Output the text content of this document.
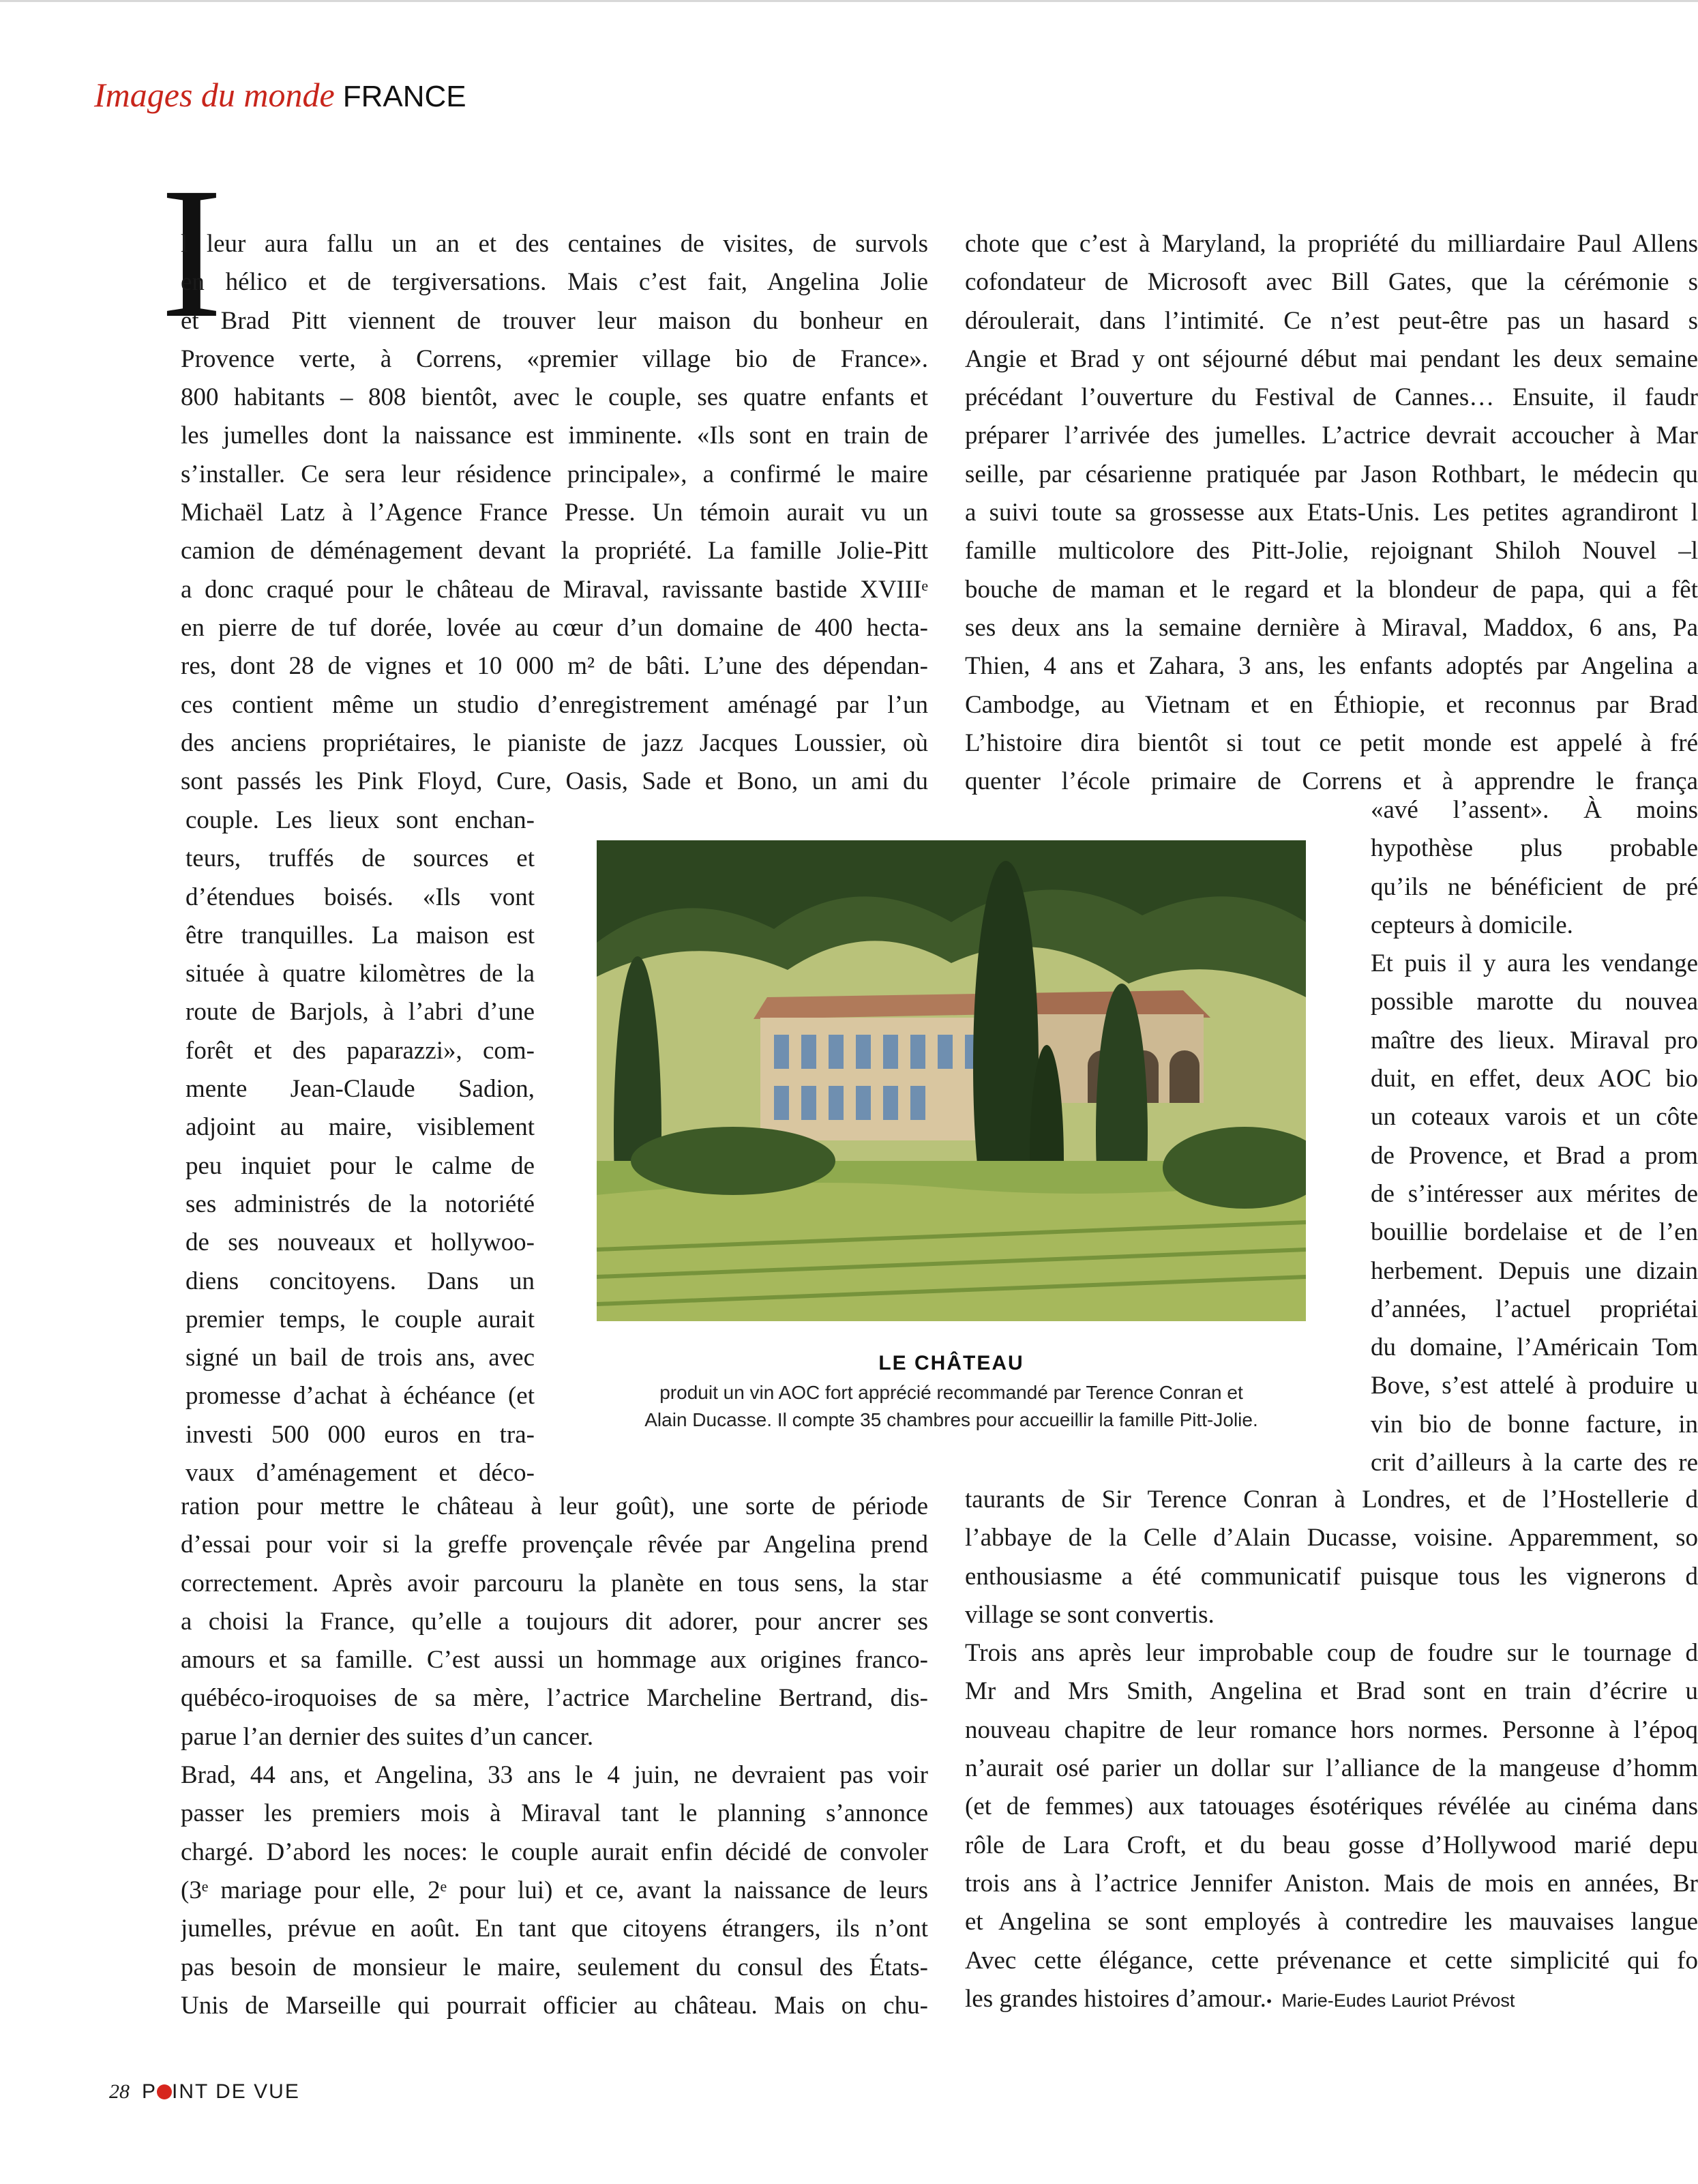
Images du monde FRANCE
I
l leur aura fallu un an et des centaines de visites, de survols
en hélico et de tergiversations. Mais c’est fait, Angelina Jolie
et Brad Pitt viennent de trouver leur maison du bonheur en
Provence verte, à Correns, «premier village bio de France».
800 habitants – 808 bientôt, avec le couple, ses quatre enfants et
les jumelles dont la naissance est imminente. «Ils sont en train de
s’installer. Ce sera leur résidence principale», a confirmé le maire
Michaël Latz à l’Agence France Presse. Un témoin aurait vu un
camion de déménagement devant la propriété. La famille Jolie-Pitt
a donc craqué pour le château de Miraval, ravissante bastide XVIIIᵉ
en pierre de tuf dorée, lovée au cœur d’un domaine de 400 hecta-
res, dont 28 de vignes et 10 000 m² de bâti. L’une des dépendan-
ces contient même un studio d’enregistrement aménagé par l’un
des anciens propriétaires, le pianiste de jazz Jacques Loussier, où
sont passés les Pink Floyd, Cure, Oasis, Sade et Bono, un ami du
couple. Les lieux sont enchan-
teurs, truffés de sources et
d’étendues boisés. «Ils vont
être tranquilles. La maison est
située à quatre kilomètres de la
route de Barjols, à l’abri d’une
forêt et des paparazzi», com-
mente Jean-Claude Sadion,
adjoint au maire, visiblement
peu inquiet pour le calme de
ses administrés de la notoriété
de ses nouveaux et hollywoo-
diens concitoyens. Dans un
premier temps, le couple aurait
signé un bail de trois ans, avec
promesse d’achat à échéance (et
investi 500 000 euros en tra-
vaux d’aménagement et déco-
ration pour mettre le château à leur goût), une sorte de période
d’essai pour voir si la greffe provençale rêvée par Angelina prend
correctement. Après avoir parcouru la planète en tous sens, la star
a choisi la France, qu’elle a toujours dit adorer, pour ancrer ses
amours et sa famille. C’est aussi un hommage aux origines franco-
québéco-iroquoises de sa mère, l’actrice Marcheline Bertrand, dis-
parue l’an dernier des suites d’un cancer.
Brad, 44 ans, et Angelina, 33 ans le 4 juin, ne devraient pas voir
passer les premiers mois à Miraval tant le planning s’annonce
chargé. D’abord les noces: le couple aurait enfin décidé de convoler
(3ᵉ mariage pour elle, 2ᵉ pour lui) et ce, avant la naissance de leurs
jumelles, prévue en août. En tant que citoyens étrangers, ils n’ont
pas besoin de monsieur le maire, seulement du consul des États-
Unis de Marseille qui pourrait officier au château. Mais on chu-
chote que c’est à Maryland, la propriété du milliardaire Paul Allens
cofondateur de Microsoft avec Bill Gates, que la cérémonie s
déroulerait, dans l’intimité. Ce n’est peut-être pas un hasard s
Angie et Brad y ont séjourné début mai pendant les deux semaine
précédant l’ouverture du Festival de Cannes… Ensuite, il faudr
préparer l’arrivée des jumelles. L’actrice devrait accoucher à Mar
seille, par césarienne pratiquée par Jason Rothbart, le médecin qu
a suivi toute sa grossesse aux Etats-Unis. Les petites agrandiront l
famille multicolore des Pitt-Jolie, rejoignant Shiloh Nouvel –l
bouche de maman et le regard et la blondeur de papa, qui a fêt
ses deux ans la semaine dernière à Miraval, Maddox, 6 ans, Pa
Thien, 4 ans et Zahara, 3 ans, les enfants adoptés par Angelina a
Cambodge, au Vietnam et en Éthiopie, et reconnus par Brad
L’histoire dira bientôt si tout ce petit monde est appelé à fré
quenter l’école primaire de Correns et à apprendre le frança
«avé l’assent». À moins
hypothèse plus probable
qu’ils ne bénéficient de pré
cepteurs à domicile.
Et puis il y aura les vendange
possible marotte du nouvea
maître des lieux. Miraval pro
duit, en effet, deux AOC bio
un coteaux varois et un côte
de Provence, et Brad a prom
de s’intéresser aux mérites de
bouillie bordelaise et de l’en
herbement. Depuis une dizain
d’années, l’actuel propriétai
du domaine, l’Américain Tom
Bove, s’est attelé à produire u
vin bio de bonne facture, in
crit d’ailleurs à la carte des re
taurants de Sir Terence Conran à Londres, et de l’Hostellerie d
l’abbaye de la Celle d’Alain Ducasse, voisine. Apparemment, so
enthousiasme a été communicatif puisque tous les vignerons d
village se sont convertis.
Trois ans après leur improbable coup de foudre sur le tournage d
Mr and Mrs Smith, Angelina et Brad sont en train d’écrire u
nouveau chapitre de leur romance hors normes. Personne à l’époq
n’aurait osé parier un dollar sur l’alliance de la mangeuse d’homm
(et de femmes) aux tatouages ésotériques révélée au cinéma dans
rôle de Lara Croft, et du beau gosse d’Hollywood marié depu
trois ans à l’actrice Jennifer Aniston. Mais de mois en années, Br
et Angelina se sont employés à contredire les mauvaises langue
Avec cette élégance, cette prévenance et cette simplicité qui fo
les grandes histoires d’amour.• Marie-Eudes Lauriot Prévost
LE CHÂTEAU
produit un vin AOC fort apprécié recommandé par Terence Conran et
Alain Ducasse. Il compte 35 chambres pour accueillir la famille Pitt-Jolie.
28 P INT DE VUE
